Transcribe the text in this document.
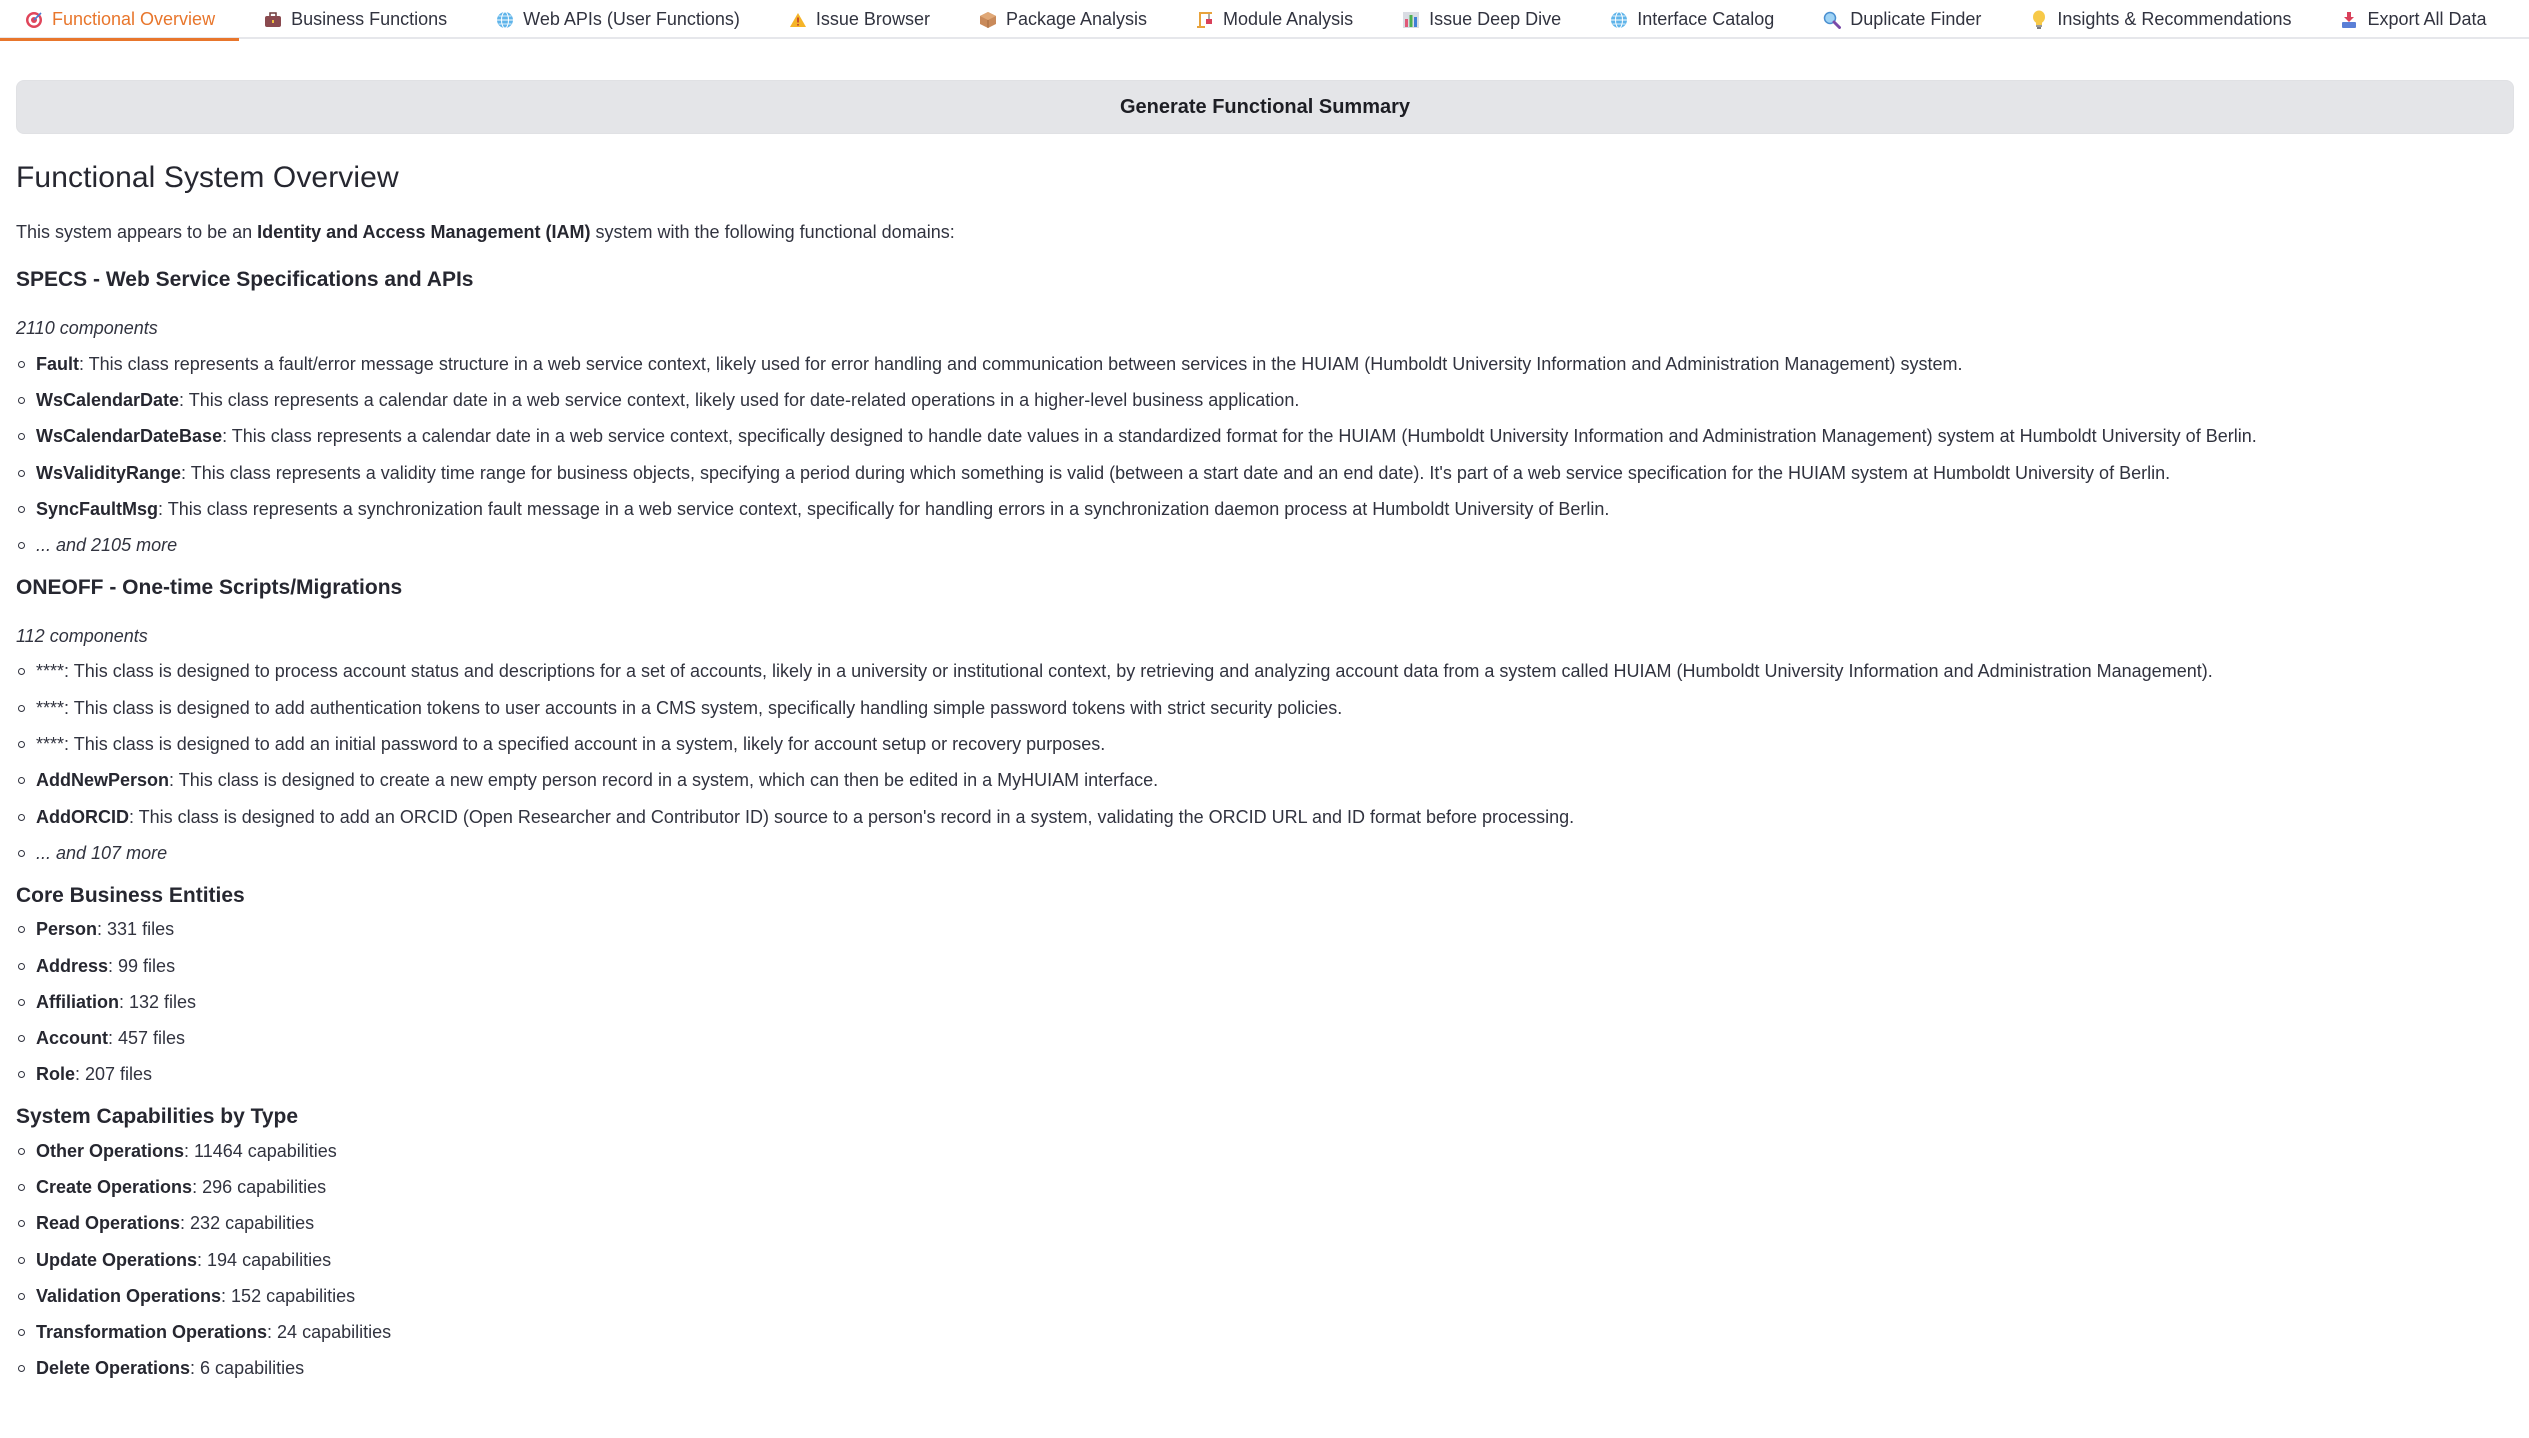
Functional Overview	Business Functions	Web APIs (User Functions)	Issue Browser	Package Analysis	Module Analysis	Issue Deep Dive	Interface Catalog	Duplicate Finder	Insights & Recommendations	Export All Data
Generate Functional Summary
Functional System Overview

This system appears to be an Identity and Access Management (IAM) system with the following functional domains:

SPECS - Web Service Specifications and APIs

2110 components

Fault : This class represents a fault/error message structure in a web service context, likely used for error handling and communication between services in the HUIAM (Humboldt University Information and Administration Management) system.
WsCalendarDate : This class represents a calendar date in a web service context, likely used for date-related operations in a higher-level business application.
WsCalendarDateBase : This class represents a calendar date in a web service context, specifically designed to handle date values in a standardized format for the HUIAM (Humboldt University Information and Administration Management) system at Humboldt University of Berlin.
WsValidityRange : This class represents a validity time range for business objects, specifying a period during which something is valid (between a start date and an end date). It's part of a web service specification for the HUIAM system at Humboldt University of Berlin.
SyncFaultMsg : This class represents a synchronization fault message in a web service context, specifically for handling errors in a synchronization daemon process at Humboldt University of Berlin.
... and 2105 more
ONEOFF - One-time Scripts/Migrations

112 components

****: This class is designed to process account status and descriptions for a set of accounts, likely in a university or institutional context, by retrieving and analyzing account data from a system called HUIAM (Humboldt University Information and Administration Management).
****: This class is designed to add authentication tokens to user accounts in a CMS system, specifically handling simple password tokens with strict security policies.
****: This class is designed to add an initial password to a specified account in a system, likely for account setup or recovery purposes.
AddNewPerson : This class is designed to create a new empty person record in a system, which can then be edited in a MyHUIAM interface.
AddORCID : This class is designed to add an ORCID (Open Researcher and Contributor ID) source to a person's record in a system, validating the ORCID URL and ID format before processing.
... and 107 more
Core Business Entities
Person : 331 files
Address : 99 files
Affiliation : 132 files
Account : 457 files
Role : 207 files
System Capabilities by Type
Other Operations : 11464 capabilities
Create Operations : 296 capabilities
Read Operations : 232 capabilities
Update Operations : 194 capabilities
Validation Operations : 152 capabilities
Transformation Operations : 24 capabilities
Delete Operations : 6 capabilities
